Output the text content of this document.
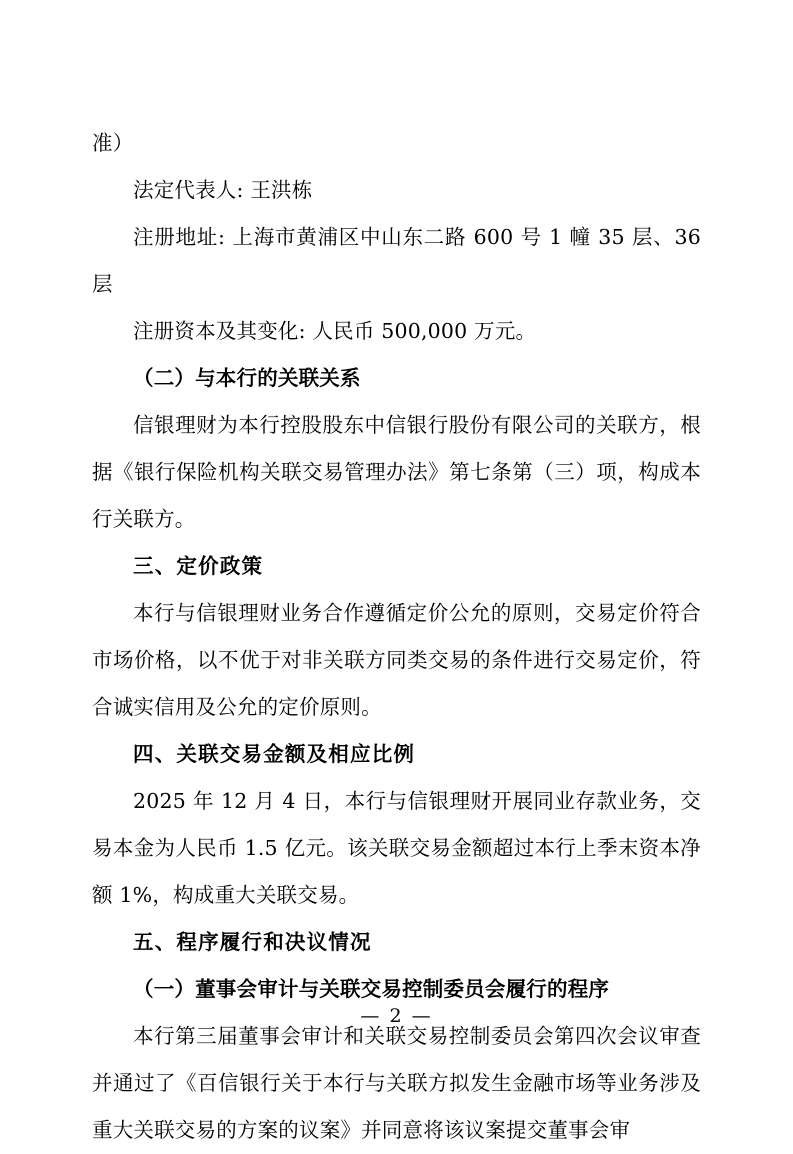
准）

法定代表人: 王洪栋

注册地址: 上海市黄浦区中山东二路 600 号 1 幢 35 层、36 层

注册资本及其变化: 人民币 500,000 万元。

（二）与本行的关联关系

信银理财为本行控股股东中信银行股份有限公司的关联方，根据《银行保险机构关联交易管理办法》第七条第（三）项，构成本行关联方。

三、定价政策

本行与信银理财业务合作遵循定价公允的原则，交易定价符合市场价格，以不优于对非关联方同类交易的条件进行交易定价，符合诚实信用及公允的定价原则。

四、关联交易金额及相应比例

2025 年 12 月 4 日，本行与信银理财开展同业存款业务，交易本金为人民币 1.5 亿元。该关联交易金额超过本行上季末资本净额 1%，构成重大关联交易。

五、程序履行和决议情况

（一）董事会审计与关联交易控制委员会履行的程序

本行第三届董事会审计和关联交易控制委员会第四次会议审查并通过了《百信银行关于本行与关联方拟发生金融市场等业务涉及重大关联交易的方案的议案》并同意将该议案提交董事会审

— 2 —
